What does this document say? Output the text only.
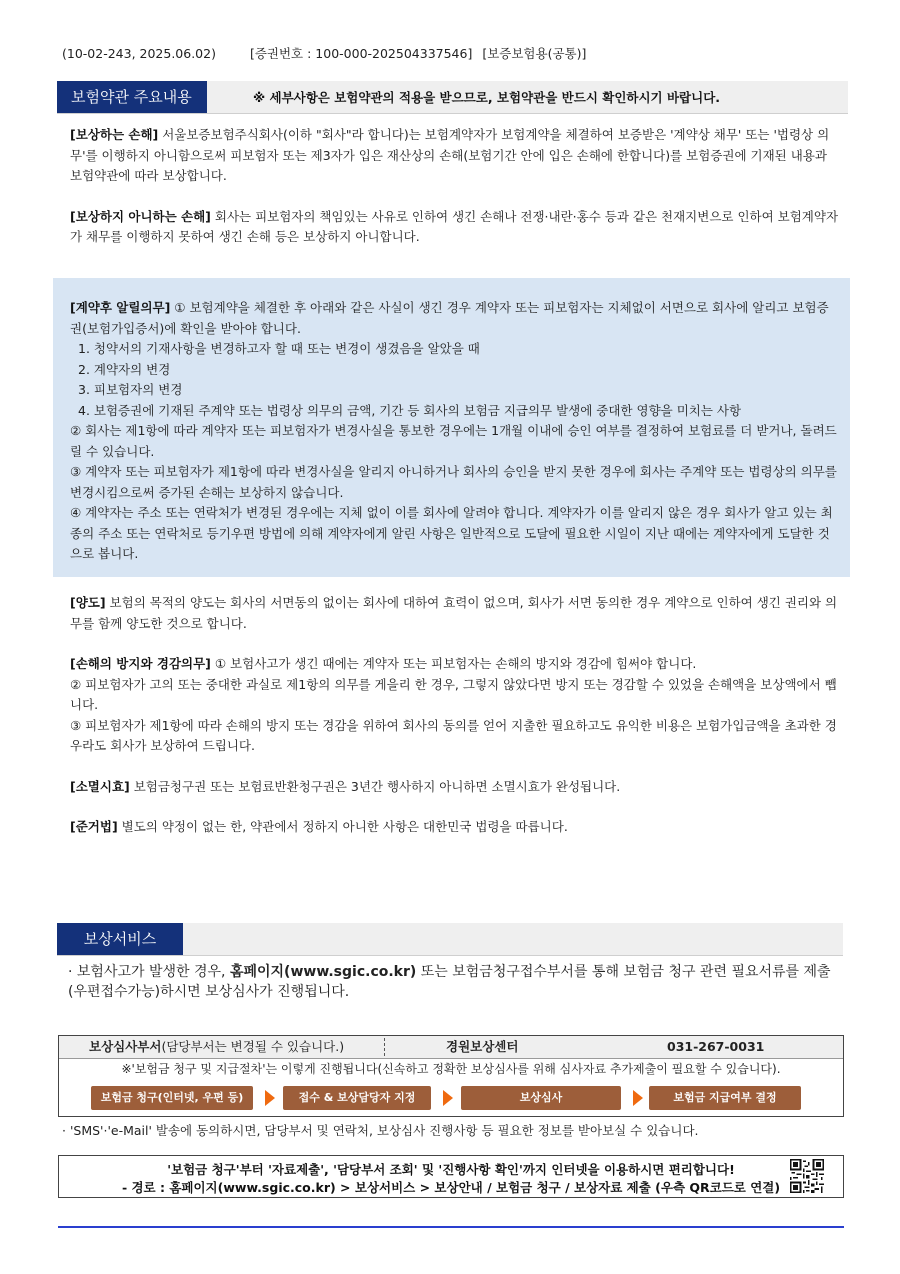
(10-02-243, 2025.06.02)	[증권번호 : 100-000-202504337546] [보증보험용(공통)]
보험약관 주요내용	※ 세부사항은 보험약관의 적용을 받으므로, 보험약관을 반드시 확인하시기 바랍니다.

[보상하는 손해] 서울보증보험주식회사(이하 "회사"라 합니다)는 보험계약자가 보험계약을 체결하여 보증받은 '계약상 채무' 또는 '법령상 의무'를 이행하지 아니함으로써 피보험자 또는 제3자가 입은 재산상의 손해(보험기간 안에 입은 손해에 한합니다)를 보험증권에 기재된 내용과 보험약관에 따라 보상합니다.

[보상하지 아니하는 손해] 회사는 피보험자의 책임있는 사유로 인하여 생긴 손해나 전쟁·내란·홍수 등과 같은 천재지변으로 인하여 보험계약자가 채무를 이행하지 못하여 생긴 손해 등은 보상하지 아니합니다.

[계약후 알릴의무] ① 보험계약을 체결한 후 아래와 같은 사실이 생긴 경우 계약자 또는 피보험자는 지체없이 서면으로 회사에 알리고 보험증권(보험가입증서)에 확인을 받아야 합니다.

1. 청약서의 기재사항을 변경하고자 할 때 또는 변경이 생겼음을 알았을 때

2. 계약자의 변경

3. 피보험자의 변경

4. 보험증권에 기재된 주계약 또는 법령상 의무의 금액, 기간 등 회사의 보험금 지급의무 발생에 중대한 영향을 미치는 사항

② 회사는 제1항에 따라 계약자 또는 피보험자가 변경사실을 통보한 경우에는 1개월 이내에 승인 여부를 결정하여 보험료를 더 받거나, 돌려드릴 수 있습니다.

③ 계약자 또는 피보험자가 제1항에 따라 변경사실을 알리지 아니하거나 회사의 승인을 받지 못한 경우에 회사는 주계약 또는 법령상의 의무를 변경시킴으로써 증가된 손해는 보상하지 않습니다.

④ 계약자는 주소 또는 연락처가 변경된 경우에는 지체 없이 이를 회사에 알려야 합니다. 계약자가 이를 알리지 않은 경우 회사가 알고 있는 최종의 주소 또는 연락처로 등기우편 방법에 의해 계약자에게 알린 사항은 일반적으로 도달에 필요한 시일이 지난 때에는 계약자에게 도달한 것으로 봅니다.

[양도] 보험의 목적의 양도는 회사의 서면동의 없이는 회사에 대하여 효력이 없으며, 회사가 서면 동의한 경우 계약으로 인하여 생긴 권리와 의무를 함께 양도한 것으로 합니다.

[손해의 방지와 경감의무] ① 보험사고가 생긴 때에는 계약자 또는 피보험자는 손해의 방지와 경감에 힘써야 합니다.

② 피보험자가 고의 또는 중대한 과실로 제1항의 의무를 게을리 한 경우, 그렇지 않았다면 방지 또는 경감할 수 있었을 손해액을 보상액에서 뺍니다.

③ 피보험자가 제1항에 따라 손해의 방지 또는 경감을 위하여 회사의 동의를 얻어 지출한 필요하고도 유익한 비용은 보험가입금액을 초과한 경우라도 회사가 보상하여 드립니다.

[소멸시효] 보험금청구권 또는 보험료반환청구권은 3년간 행사하지 아니하면 소멸시효가 완성됩니다.

[준거법] 별도의 약정이 없는 한, 약관에서 정하지 아니한 사항은 대한민국 법령을 따릅니다.

보상서비스
· 보험사고가 발생한 경우, 홈페이지(www.sgic.co.kr) 또는 보험금청구접수부서를 통해 보험금 청구 관련 필요서류를 제출(우편접수가능)하시면 보상심사가 진행됩니다.
보상심사부서(담당부서는 변경될 수 있습니다.)	경원보상센터	031-267-0031
※'보험금 청구 및 지급절차'는 이렇게 진행됩니다(신속하고 정확한 보상심사를 위해 심사자료 추가제출이 필요할 수 있습니다).
보험금 청구(인터넷, 우편 등)	접수 & 보상담당자 지정	보상심사	보험금 지급여부 결정
· 'SMS'·'e-Mail' 발송에 동의하시면, 담당부서 및 연락처, 보상심사 진행사항 등 필요한 정보를 받아보실 수 있습니다.
'보험금 청구'부터 '자료제출', '담당부서 조회' 및 '진행사항 확인'까지 인터넷을 이용하시면 편리합니다!
- 경로 : 홈페이지(www.sgic.co.kr) > 보상서비스 > 보상안내 / 보험금 청구 / 보상자료 제출 (우측 QR코드로 연결)
